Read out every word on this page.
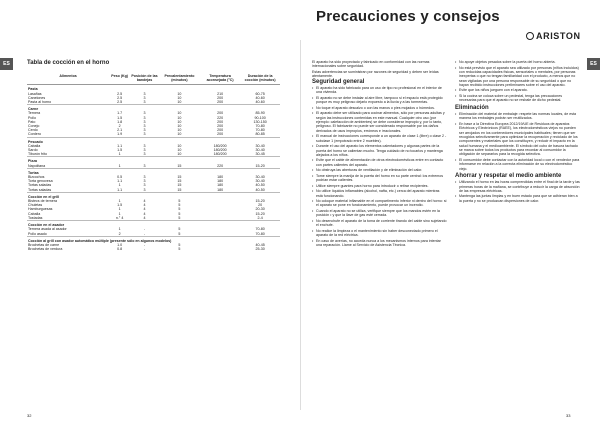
ES	ES
Precauciones y consejos
ARISTON
Tabla de cocción en el horno
Alimentos	Peso (Kg)	Posición de las bandejas	Precalentamiento (minutos)	Temperatura aconsejada (°C)	Duración de la cocción (minutos)
Pasta					
Lasañas	2.5	3	10	210	60-75
Canelones	2.5	3	10	200	40-60
Pasta al horno	2.5	3	10	200	40-60
Carne					
Ternera	1.7	3	10	200	85-90
Pollo	1.5	3	10	220	90-100
Pato	1.8	3	10	200	130-150
Conejo	2	3	10	200	70-80
Cerdo	2.1	3	10	200	70-80
Cordero	1.9	3	10	200	80-85
Pescado					
Caballa	1.1	3	10	180/200	30-40
Sardo	1.5	3	10	180/200	30-40
Tiburón frito	1	3	10	180/200	30-45
Pizza					
Napolitana	1	3	15	220	15-20
Tortas					
Bizcochos	0.5	3	15	180	30-40
Torta genovesa	1.1	3	15	180	30-40
Tortas saladas	1	3	15	180	40-50
Tortas saladas	1.1	3	15	180	40-50
Cocción en el grill					
Bistecs de ternera	1	4	5		15-20
Chuletas	1.5	4	5		20
Hamburguesas	1	4	5		20-30
Caballa	1	4	5		15-20
Tostadas	n.° 4	4	5		2-4
Cocción en el asador					
Ternera asada al asador	1	-	5		70-80
Pollo asado	2	-	5		70-80
Cocción al grill con asador automático múltiple (presente sólo en algunos modelos)					
Brochetas de carne	1.0	-	5		40-45
Brochetas de verdura	0.8	-	5		25-30
32

El aparato ha sido proyectado y fabricado en conformidad con las normas internacionales sobre seguridad.

Estas advertencias se suministran por razones de seguridad y deben ser leídas atentamente.

Seguridad general

• El aparato ha sido fabricado para un uso de tipo no profesional en el interior de una vivienda.

• El aparato no se debe instalar al aire libre, tampoco si el espacio está protegido porque es muy peligroso dejarlo expuesto a la lluvia y a las tormentas.

• No toque el aparato descalzo o con las manos o pies mojados o húmedos.

• El aparato debe ser utilizado para cocinar alimentos, sólo por personas adultas y según las instrucciones contenidas en este manual. Cualquier otro uso (por ejemplo: calefacción de ambientes) se debe considerar impropio y, por lo tanto, peligroso. El fabricante no puede ser considerado responsable por los daños derivados de usos impropios, erróneos e irracionales.

• El manual de instrucciones corresponde a un aparato de clase 1 (libre) o clase 2 - subclase 1 (empotrado entre 2 muebles).

• Durante el uso del aparato los elementos calentadores y algunas partes de la puerta del horno se calientan mucho. Tenga cuidado de no tocarlos y mantenga alejados a los niños.

• Evite que el cable de alimentación de otros electrodomésticos entre en contacto con partes calientes del aparato.

• No obstruya las aberturas de ventilación y de eliminación del calor.

• Tome siempre la manija de la puerta del horno en su parte central: los extremos podrían estar calientes.

• Utilice siempre guantes para horno para introducir o retirar recipientes.

• No utilice líquidos inflamables (alcohol, nafta, etc.) cerca del aparato mientras está funcionando.

• No coloque material inflamable en el compartimento inferior ni dentro del horno: si el aparato se pone en funcionamiento, puede provocar un incendio.

• Cuando el aparato no se utiliza, verifique siempre que los mandos estén en la posición • y que la llave de gas esté cerrada.

• No desenchufe el aparato de la toma de corriente tirando del cable sino sujetando el enchufe.

• No realice la limpieza o el mantenimiento sin haber desconectado primero el aparato de la red eléctrica.

• En caso de averías, no acceda nunca a los mecanismos internos para intentar una reparación. Llame al Servicio de Asistencia Técnica.

• No apoye objetos pesados sobre la puerta del horno abierta.

• No está previsto que el aparato sea utilizado por personas (niños incluidos) con reducidas capacidades físicas, sensoriales o mentales, por personas inexpertas o que no tengan familiaridad con el producto, a menos que no sean vigiladas por una persona responsable de su seguridad o que no hayan recibido instrucciones preliminares sobre el uso del aparato.

• Evite que los niños jueguen con el aparato.

• Si la cocina se coloca sobre un pedestal, tenga las precauciones necesarias para que el aparato no se resbale de dicho pedestal.

Eliminación

• Eliminación del material de embalaje: respete las normas locales, de esta manera los embalajes podrán ser reutilizados.

• En base a la Directiva Europea 2012/19/UE de Residuos de aparatos Eléctricos y Electrónicos (RAEE), los electrodomésticos viejos no pueden ser arrojados en los contenedores municipales habituales; tienen que ser recogidos selectivamente para optimizar la recuperación y reciclado de los componentes y materiales que los constituyen, y reducir el impacto en la salud humana y el medioambiente. El símbolo del cubo de basura tachado se marca sobre todos los productos para recordar al consumidor la obligación de separarlos para la recogida selectiva.

• El consumidor debe contactar con la autoridad local o con el vendedor para informarse en relación a la correcta eliminación de su electrodoméstico viejo.

Ahorrar y respetar el medio ambiente

• Utilizando el horno en las horas comprendidas entre el final de la tarde y las primeras horas de la mañana, se contribuye a reducir la carga de absorción de las empresas eléctricas.

• Mantenga las juntas limpias y en buen estado para que se adhieran bien a la puerta y no se produzcan dispersiones de calor.

33
